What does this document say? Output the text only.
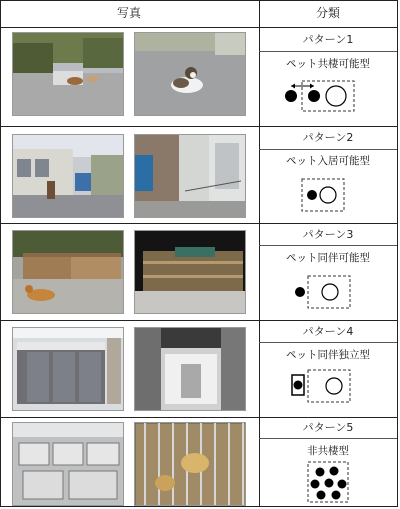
写真	分類
パターン1
ペット共棲可能型
パターン2
ペット入居可能型
パターン3
ペット同伴可能型
パターン4
ペット同伴独立型
パターン5
非共棲型
